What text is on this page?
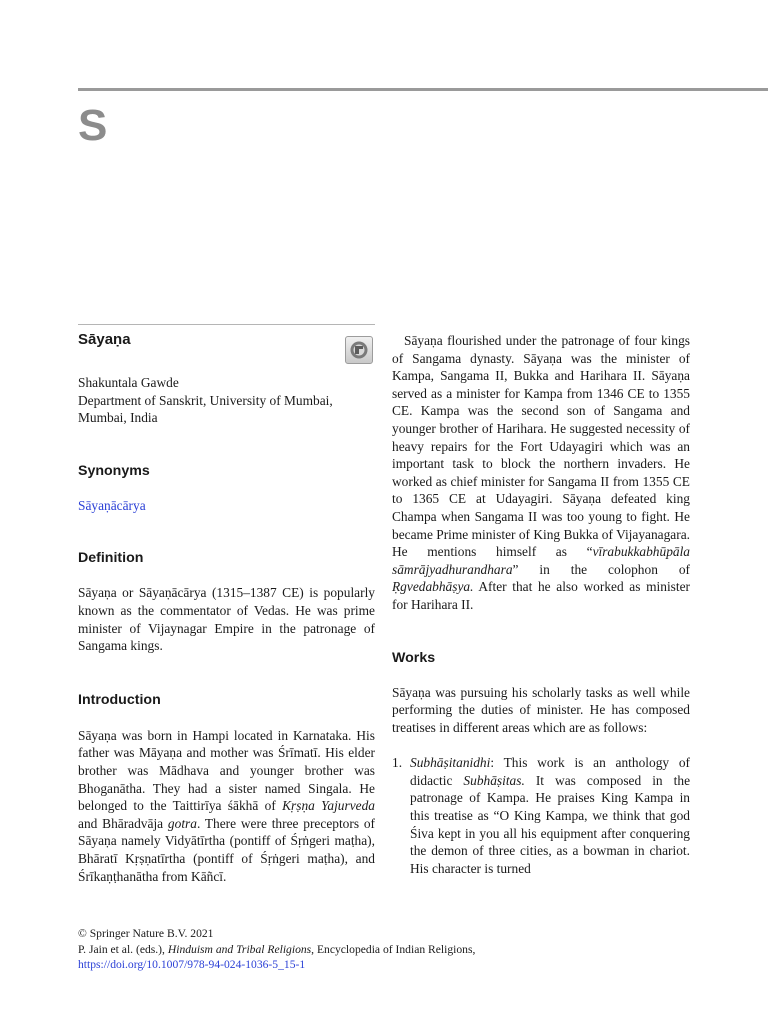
S

Sāyaṇa

Shakuntala Gawde

Department of Sanskrit, University of Mumbai, Mumbai, India

Synonyms

Sāyaṇācārya

Definition

Sāyaṇa or Sāyaṇācārya (1315–1387 CE) is popularly known as the commentator of Vedas. He was prime minister of Vijaynagar Empire in the patronage of Sangama kings.

Introduction

Sāyaṇa was born in Hampi located in Karnataka. His father was Māyaṇa and mother was Śrīmatī. His elder brother was Mādhava and younger brother was Bhoganātha. They had a sister named Singala. He belonged to the Taittirīya śākhā of Kṛṣṇa Yajurveda and Bhāradvāja gotra. There were three preceptors of Sāyaṇa namely Vidyātīrtha (pontiff of Śṛṅgeri maṭha), Bhāratī Kṛṣṇatīrtha (pontiff of Śṛṅgeri maṭha), and Śrīkaṇṭhanātha from Kāñcī.

Sāyaṇa flourished under the patronage of four kings of Sangama dynasty. Sāyaṇa was the minister of Kampa, Sangama II, Bukka and Harihara II. Sāyaṇa served as a minister for Kampa from 1346 CE to 1355 CE. Kampa was the second son of Sangama and younger brother of Harihara. He suggested necessity of heavy repairs for the Fort Udayagiri which was an important task to block the northern invaders. He worked as chief minister for Sangama II from 1355 CE to 1365 CE at Udayagiri. Sāyaṇa defeated king Champa when Sangama II was too young to fight. He became Prime minister of King Bukka of Vijayanagara. He mentions himself as “vīrabukkabhūpāla sāmrājyadhurandhara” in the colophon of Ṛgvedabhāṣya. After that he also worked as minister for Harihara II.

Works

Sāyaṇa was pursuing his scholarly tasks as well while performing the duties of minister. He has composed treatises in different areas which are as follows:

1. Subhāṣitanidhi: This work is an anthology of didactic Subhāṣitas. It was composed in the patronage of Kampa. He praises King Kampa in this treatise as “O King Kampa, we think that god Śiva kept in you all his equipment after conquering the demon of three cities, as a bowman in chariot. His character is turned

© Springer Nature B.V. 2021

P. Jain et al. (eds.), Hinduism and Tribal Religions, Encyclopedia of Indian Religions,

https://doi.org/10.1007/978-94-024-1036-5_15-1
